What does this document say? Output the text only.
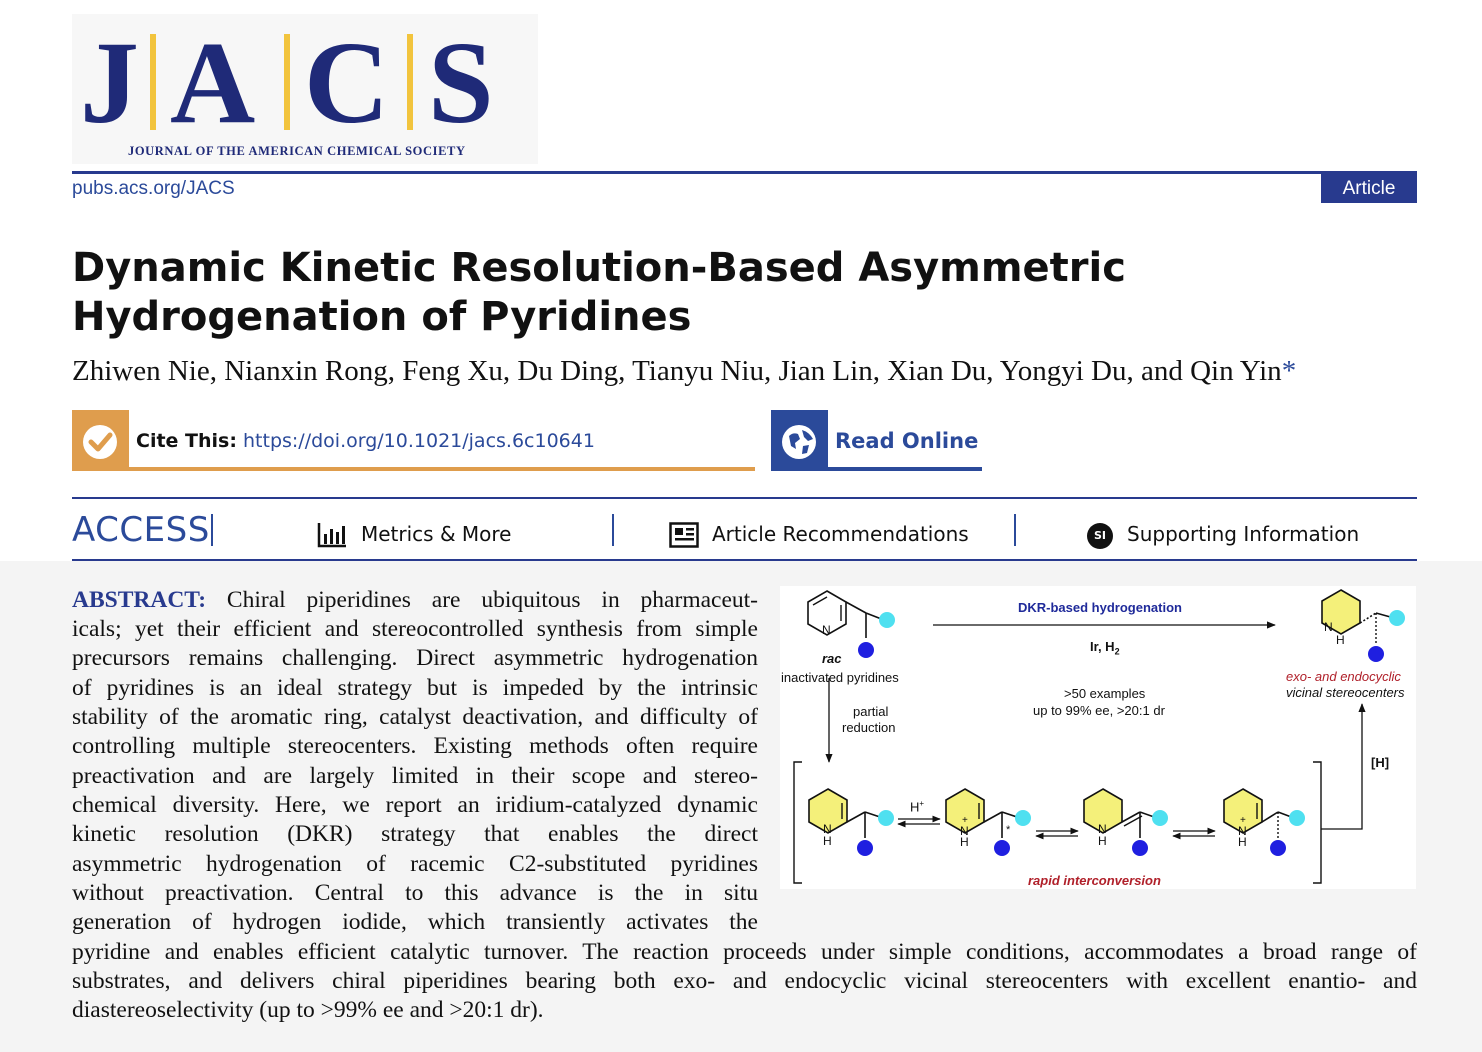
J A C S
JOURNAL OF THE AMERICAN CHEMICAL SOCIETY
pubs.acs.org/JACS	Article
Dynamic Kinetic Resolution-Based Asymmetric Hydrogenation of Pyridines
Zhiwen Nie, Nianxin Rong, Feng Xu, Du Ding, Tianyu Niu, Jian Lin, Xian Du, Yongyi Du, and Qin Yin*
Cite This: https://doi.org/10.1021/jacs.6c10641	Read Online
ACCESS	Metrics & More	Article Recommendations	SI	Supporting Information
ABSTRACT: Chiral piperidines are ubiquitous in pharmaceut-
icals; yet their efficient and stereocontrolled synthesis from simple
precursors remains challenging. Direct asymmetric hydrogenation
of pyridines is an ideal strategy but is impeded by the intrinsic
stability of the aromatic ring, catalyst deactivation, and difficulty of
controlling multiple stereocenters. Existing methods often require
preactivation and are largely limited in their scope and stereo-
chemical diversity. Here, we report an iridium-catalyzed dynamic
kinetic resolution (DKR) strategy that enables the direct
asymmetric hydrogenation of racemic C2-substituted pyridines
without preactivation. Central to this advance is the in situ
generation of hydrogen iodide, which transiently activates the
pyridine and enables efficient catalytic turnover. The reaction proceeds under simple conditions, accommodates a broad range of
substrates, and delivers chiral piperidines bearing both exo- and endocyclic vicinal stereocenters with excellent enantio- and
diastereoselectivity (up to >99% ee and >20:1 dr).
DKR-based hydrogenation
Ir, $H_2$
rac
inactivated pyridines
partial
reduction
>50 examples
up to 99% ee, >20:1 dr
exo- and endocyclic
vicinal stereocenters
[H]
H+
rapid interconversion
N	N
H
N
H
+
N
H
*	N
H
+
N
H
